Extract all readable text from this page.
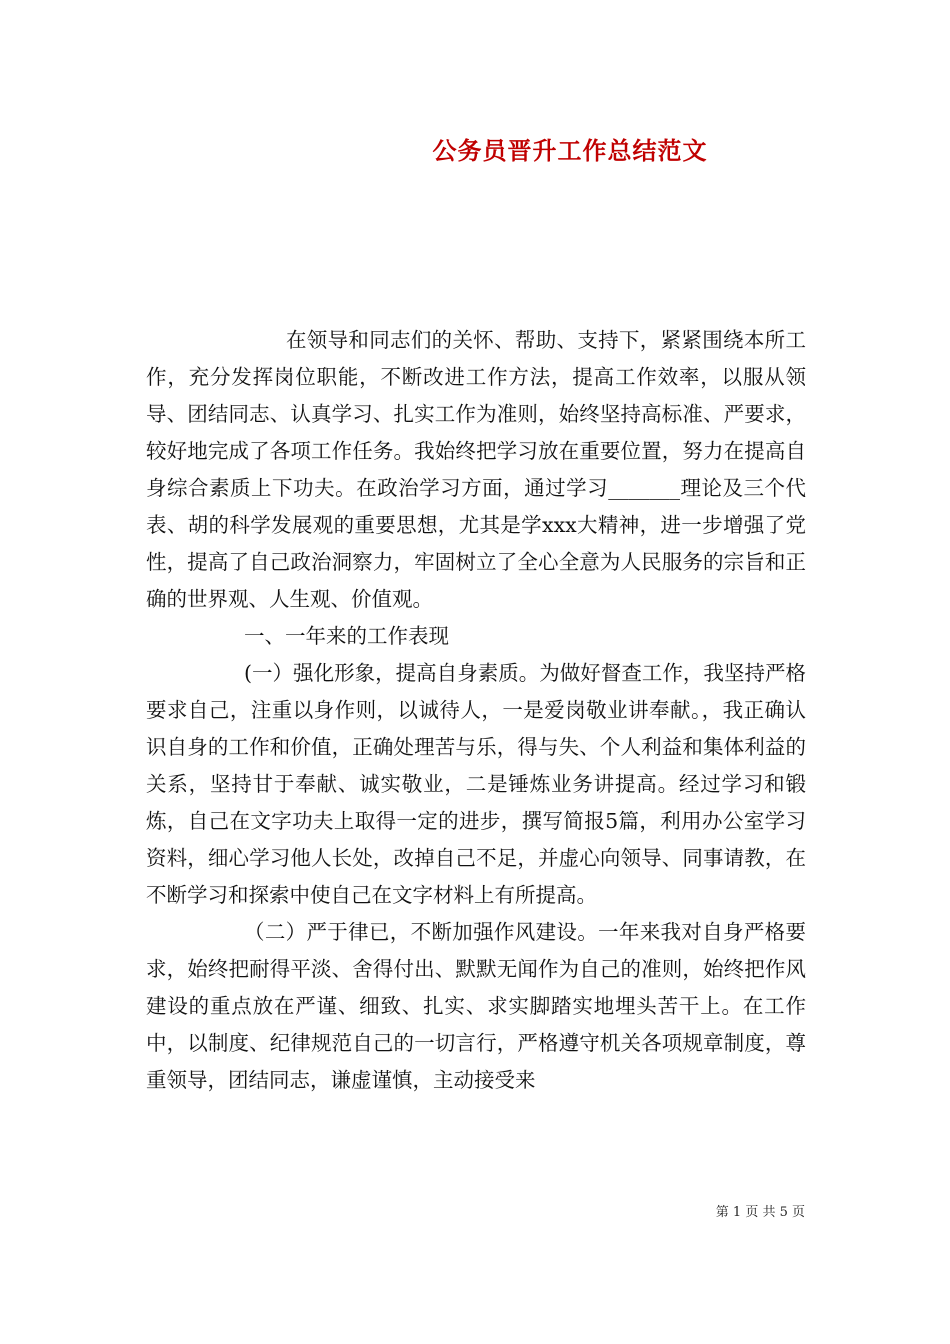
公务员晋升工作总结范文

在领导和同志们的关怀、帮助、支持下，紧紧围绕本所工作，充分发挥岗位职能，不断改进工作方法，提高工作效率，以服从领导、团结同志、认真学习、扎实工作为准则，始终坚持高标准、严要求，较好地完成了各项工作任务。我始终把学习放在重要位置，努力在提高自身综合素质上下功夫。在政治学习方面，通过学习_______理论及三个代表、胡的科学发展观的重要思想，尤其是学xxx大精神，进一步增强了党性，提高了自己政治洞察力，牢固树立了全心全意为人民服务的宗旨和正确的世界观、人生观、价值观。

一、一年来的工作表现

(一）强化形象，提高自身素质。为做好督查工作，我坚持严格要求自己，注重以身作则，以诚待人，一是爱岗敬业讲奉献。，我正确认识自身的工作和价值，正确处理苦与乐，得与失、个人利益和集体利益的关系，坚持甘于奉献、诚实敬业，二是锤炼业务讲提高。经过学习和锻炼，自己在文字功夫上取得一定的进步，撰写简报5篇，利用办公室学习资料，细心学习他人长处，改掉自己不足，并虚心向领导、同事请教，在不断学习和探索中使自己在文字材料上有所提高。

（二）严于律已，不断加强作风建设。一年来我对自身严格要求，始终把耐得平淡、舍得付出、默默无闻作为自己的准则，始终把作风建设的重点放在严谨、细致、扎实、求实脚踏实地埋头苦干上。在工作中，以制度、纪律规范自己的一切言行，严格遵守机关各项规章制度，尊重领导，团结同志，谦虚谨慎，主动接受来

第 1 页 共 5 页
